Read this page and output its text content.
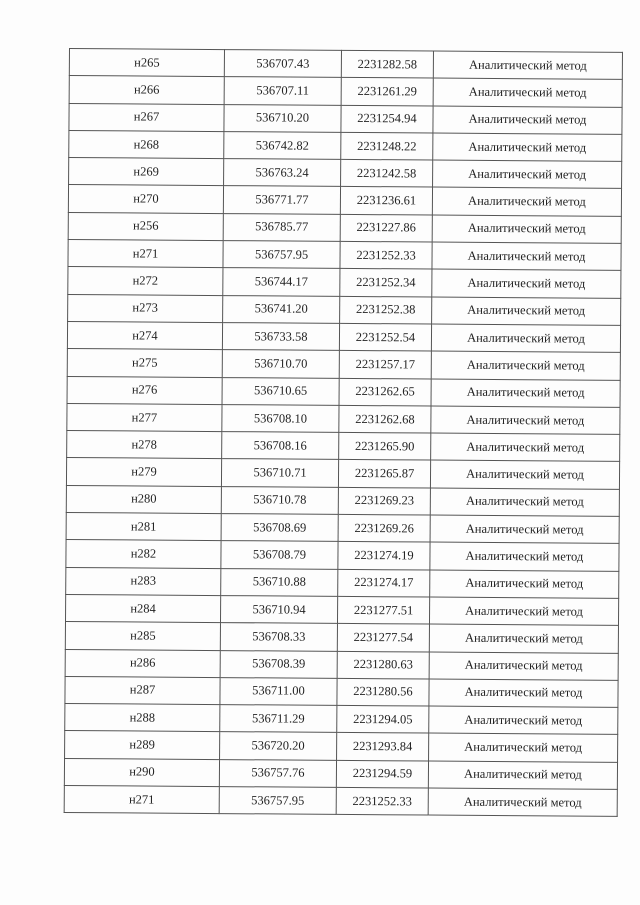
н265	536707.43	2231282.58	Аналитический метод
н266	536707.11	2231261.29	Аналитический метод
н267	536710.20	2231254.94	Аналитический метод
н268	536742.82	2231248.22	Аналитический метод
н269	536763.24	2231242.58	Аналитический метод
н270	536771.77	2231236.61	Аналитический метод
н256	536785.77	2231227.86	Аналитический метод
н271	536757.95	2231252.33	Аналитический метод
н272	536744.17	2231252.34	Аналитический метод
н273	536741.20	2231252.38	Аналитический метод
н274	536733.58	2231252.54	Аналитический метод
н275	536710.70	2231257.17	Аналитический метод
н276	536710.65	2231262.65	Аналитический метод
н277	536708.10	2231262.68	Аналитический метод
н278	536708.16	2231265.90	Аналитический метод
н279	536710.71	2231265.87	Аналитический метод
н280	536710.78	2231269.23	Аналитический метод
н281	536708.69	2231269.26	Аналитический метод
н282	536708.79	2231274.19	Аналитический метод
н283	536710.88	2231274.17	Аналитический метод
н284	536710.94	2231277.51	Аналитический метод
н285	536708.33	2231277.54	Аналитический метод
н286	536708.39	2231280.63	Аналитический метод
н287	536711.00	2231280.56	Аналитический метод
н288	536711.29	2231294.05	Аналитический метод
н289	536720.20	2231293.84	Аналитический метод
н290	536757.76	2231294.59	Аналитический метод
н271	536757.95	2231252.33	Аналитический метод
